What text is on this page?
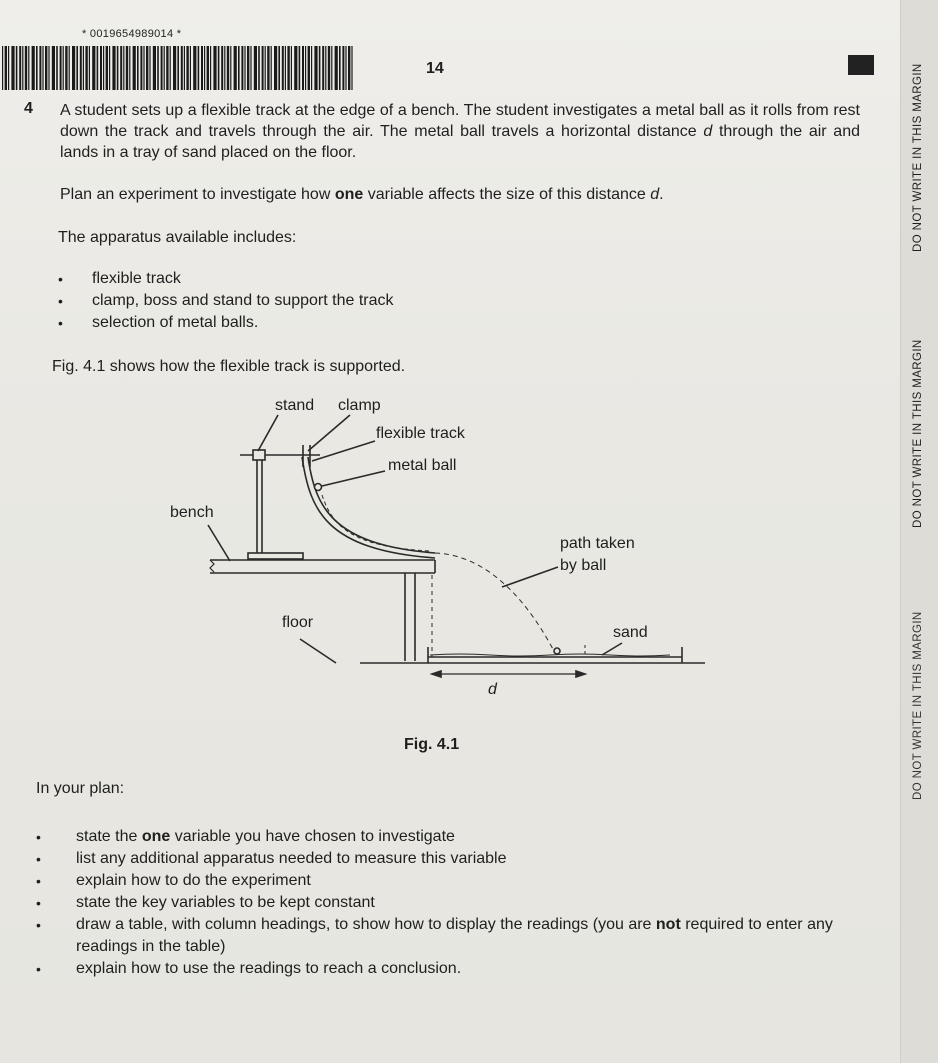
* 0019654989014 *
14	DO NOT WRITE IN THIS MARGIN
DO NOT WRITE IN THIS MARGIN
DO NOT WRITE IN THIS MARGIN
4 A student sets up a flexible track at the edge of a bench. The student investigates a metal ball as it rolls from rest down the track and travels through the air. The metal ball travels a horizontal distance d through the air and lands in a tray of sand placed on the floor.
Plan an experiment to investigate how one variable affects the size of this distance d.
The apparatus available includes:
• flexible track
• clamp, boss and stand to support the track
• selection of metal balls.
Fig. 4.1 shows how the flexible track is supported.
stand clamp
flexible track
metal ball
bench
path taken
by ball
floor
sand
d
Fig. 4.1
In your plan:
• state the one variable you have chosen to investigate
• list any additional apparatus needed to measure this variable
• explain how to do the experiment
• state the key variables to be kept constant
• draw a table, with column headings, to show how to display the readings (you are not required to enter any readings in the table)
• explain how to use the readings to reach a conclusion.
